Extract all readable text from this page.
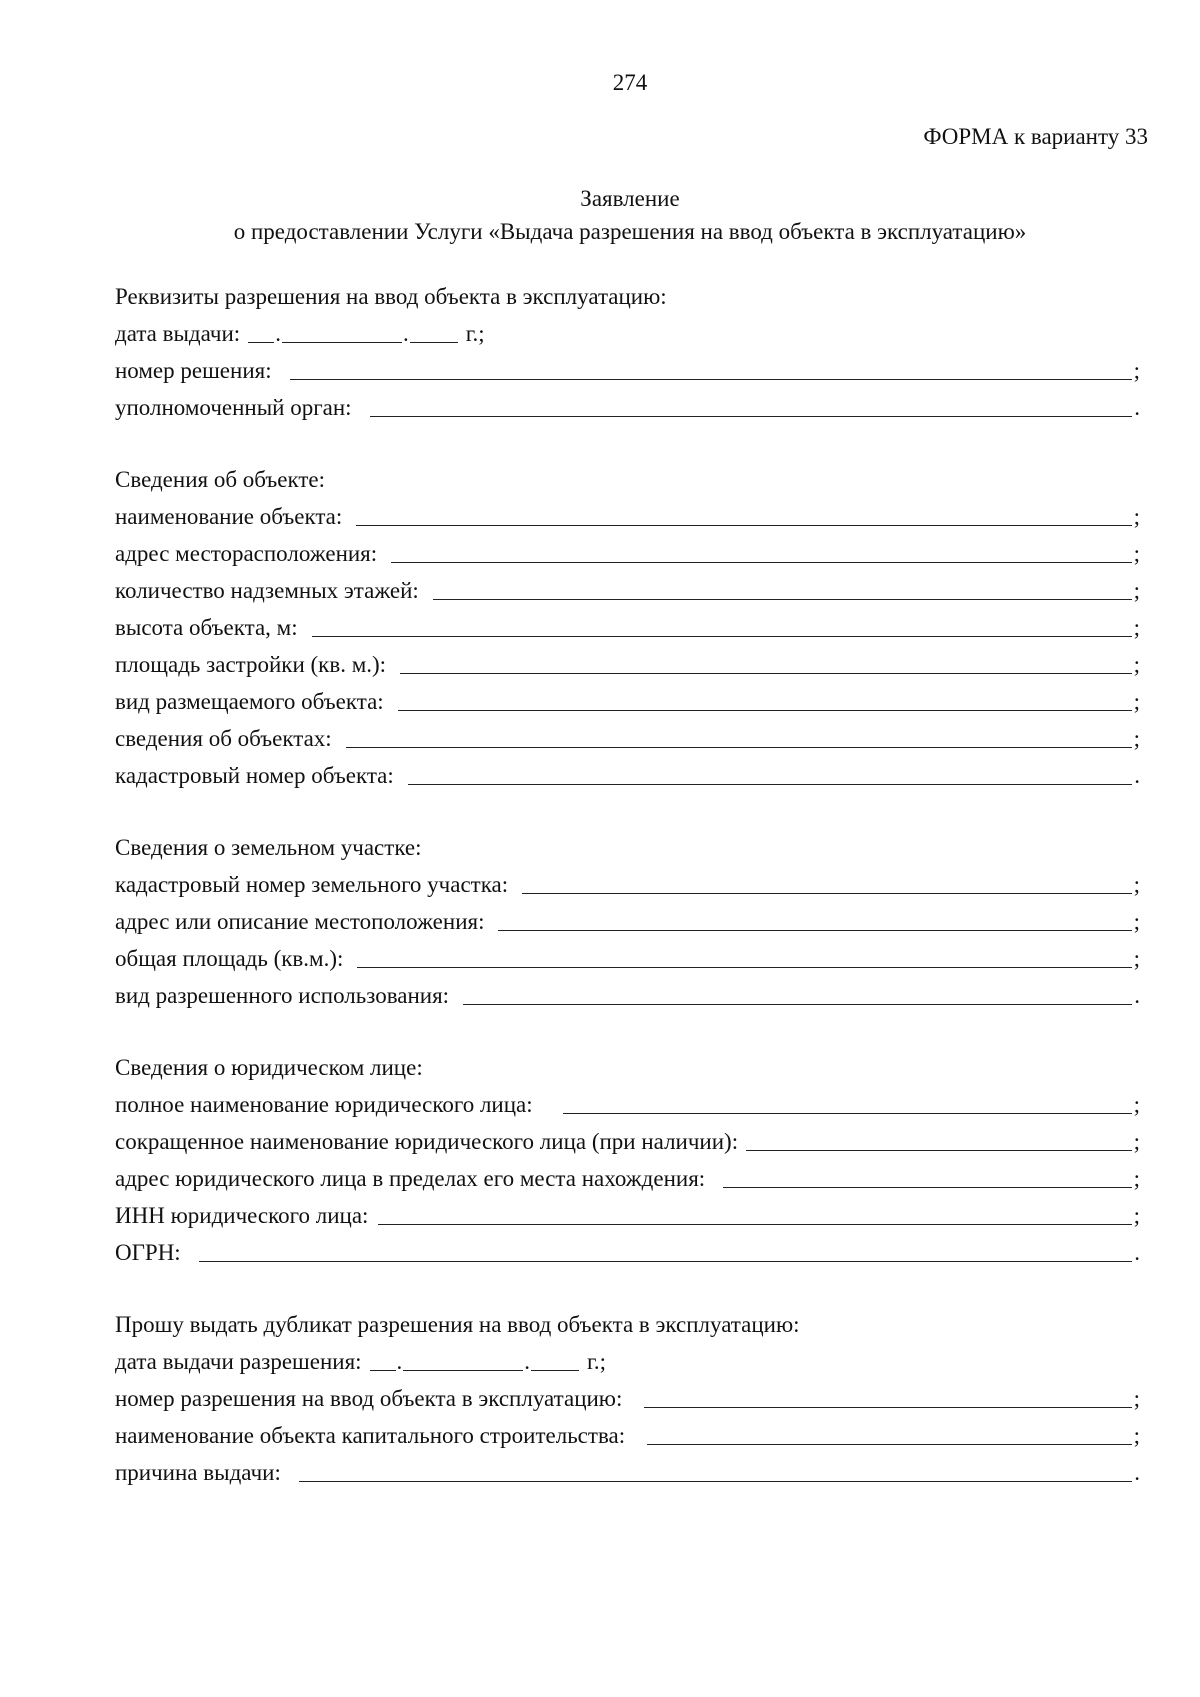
274
ФОРМА к варианту 33
Заявление
о предоставлении Услуги «Выдача разрешения на ввод объекта в эксплуатацию»
Реквизиты разрешения на ввод объекта в эксплуатацию:
дата выдачи: .	. г.;
номер решения:	;
уполномоченный орган:	.
Сведения об объекте:
наименование объекта:	;
адрес месторасположения:	;
количество надземных этажей:	;
высота объекта, м:	;
площадь застройки (кв. м.):	;
вид размещаемого объекта:	;
сведения об объектах:	;
кадастровый номер объекта:	.
Сведения о земельном участке:
кадастровый номер земельного участка:	;
адрес или описание местоположения:	;
общая площадь (кв.м.):	;
вид разрешенного использования:	.
Сведения о юридическом лице:
полное наименование юридического лица:	;
сокращенное наименование юридического лица (при наличии):	;
адрес юридического лица в пределах его места нахождения:	;
ИНН юридического лица:	;
ОГРН:	.
Прошу выдать дубликат разрешения на ввод объекта в эксплуатацию:
дата выдачи разрешения: .	. г.;
номер разрешения на ввод объекта в эксплуатацию:	;
наименование объекта капитального строительства:	;
причина выдачи:	.
